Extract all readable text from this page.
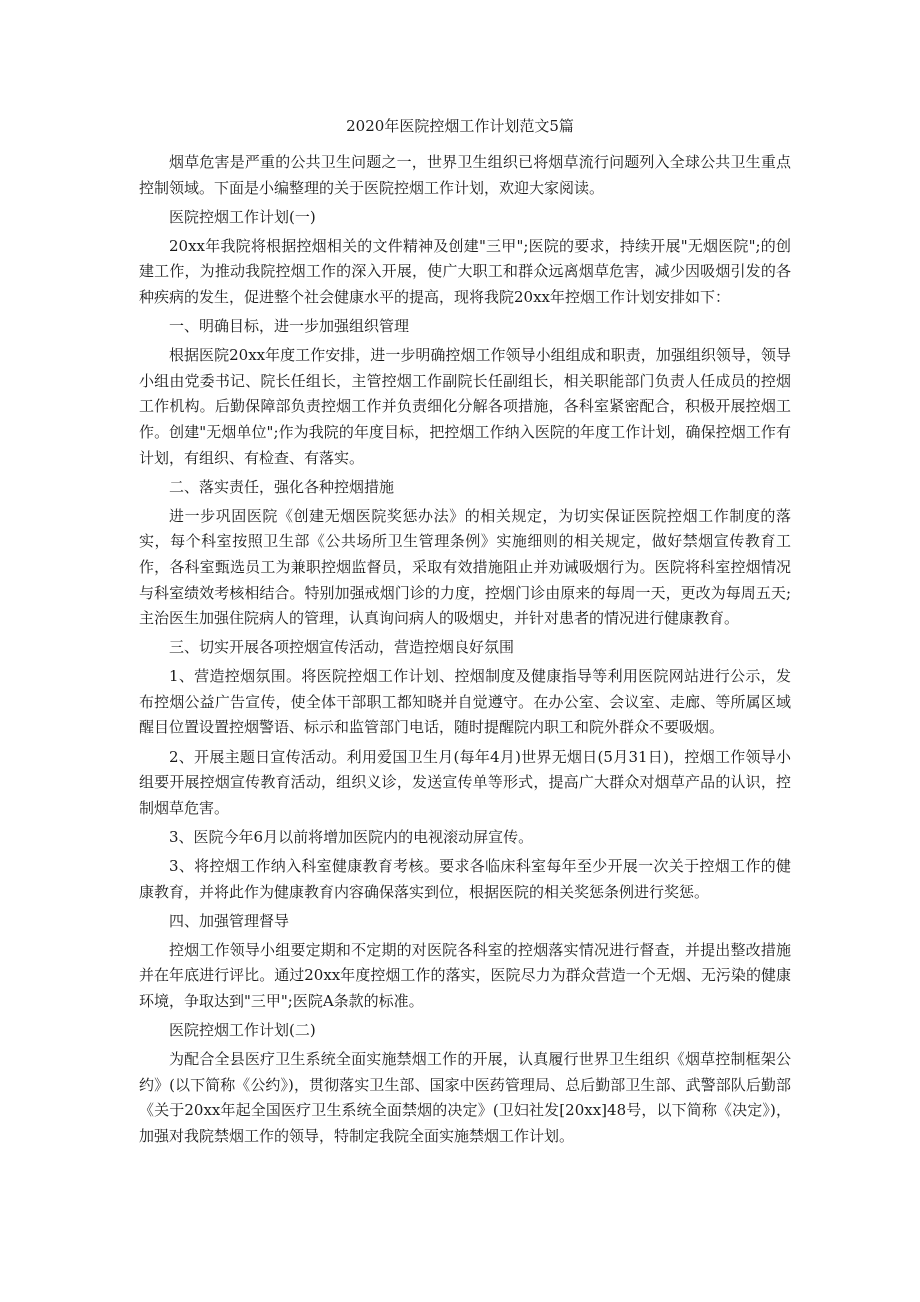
2020年医院控烟工作计划范文5篇

烟草危害是严重的公共卫生问题之一，世界卫生组织已将烟草流行问题列入全球公共卫生重点控制领域。下面是小编整理的关于医院控烟工作计划，欢迎大家阅读。

医院控烟工作计划(一)

20xx年我院将根据控烟相关的文件精神及创建"三甲";医院的要求，持续开展"无烟医院";的创建工作，为推动我院控烟工作的深入开展，使广大职工和群众远离烟草危害，减少因吸烟引发的各种疾病的发生，促进整个社会健康水平的提高，现将我院20xx年控烟工作计划安排如下：

一、明确目标，进一步加强组织管理

根据医院20xx年度工作安排，进一步明确控烟工作领导小组组成和职责，加强组织领导，领导小组由党委书记、院长任组长，主管控烟工作副院长任副组长，相关职能部门负责人任成员的控烟工作机构。后勤保障部负责控烟工作并负责细化分解各项措施，各科室紧密配合，积极开展控烟工作。创建"无烟单位";作为我院的年度目标，把控烟工作纳入医院的年度工作计划，确保控烟工作有计划，有组织、有检查、有落实。

二、落实责任，强化各种控烟措施

进一步巩固医院《创建无烟医院奖惩办法》的相关规定，为切实保证医院控烟工作制度的落实，每个科室按照卫生部《公共场所卫生管理条例》实施细则的相关规定，做好禁烟宣传教育工作，各科室甄选员工为兼职控烟监督员，采取有效措施阻止并劝诫吸烟行为。医院将科室控烟情况与科室绩效考核相结合。特别加强戒烟门诊的力度，控烟门诊由原来的每周一天，更改为每周五天;主治医生加强住院病人的管理，认真询问病人的吸烟史，并针对患者的情况进行健康教育。

三、切实开展各项控烟宣传活动，营造控烟良好氛围

1、营造控烟氛围。将医院控烟工作计划、控烟制度及健康指导等利用医院网站进行公示，发布控烟公益广告宣传，使全体干部职工都知晓并自觉遵守。在办公室、会议室、走廊、等所属区域醒目位置设置控烟警语、标示和监管部门电话，随时提醒院内职工和院外群众不要吸烟。

2、开展主题日宣传活动。利用爱国卫生月(每年4月)世界无烟日(5月31日)，控烟工作领导小组要开展控烟宣传教育活动，组织义诊，发送宣传单等形式，提高广大群众对烟草产品的认识，控制烟草危害。

3、医院今年6月以前将增加医院内的电视滚动屏宣传。

3、将控烟工作纳入科室健康教育考核。要求各临床科室每年至少开展一次关于控烟工作的健康教育，并将此作为健康教育内容确保落实到位，根据医院的相关奖惩条例进行奖惩。

四、加强管理督导

控烟工作领导小组要定期和不定期的对医院各科室的控烟落实情况进行督查，并提出整改措施并在年底进行评比。通过20xx年度控烟工作的落实，医院尽力为群众营造一个无烟、无污染的健康环境，争取达到"三甲";医院A条款的标准。

医院控烟工作计划(二)

为配合全县医疗卫生系统全面实施禁烟工作的开展，认真履行世界卫生组织《烟草控制框架公约》(以下简称《公约》)，贯彻落实卫生部、国家中医药管理局、总后勤部卫生部、武警部队后勤部《关于20xx年起全国医疗卫生系统全面禁烟的决定》(卫妇社发[20xx]48号，以下简称《决定》)，加强对我院禁烟工作的领导，特制定我院全面实施禁烟工作计划。
